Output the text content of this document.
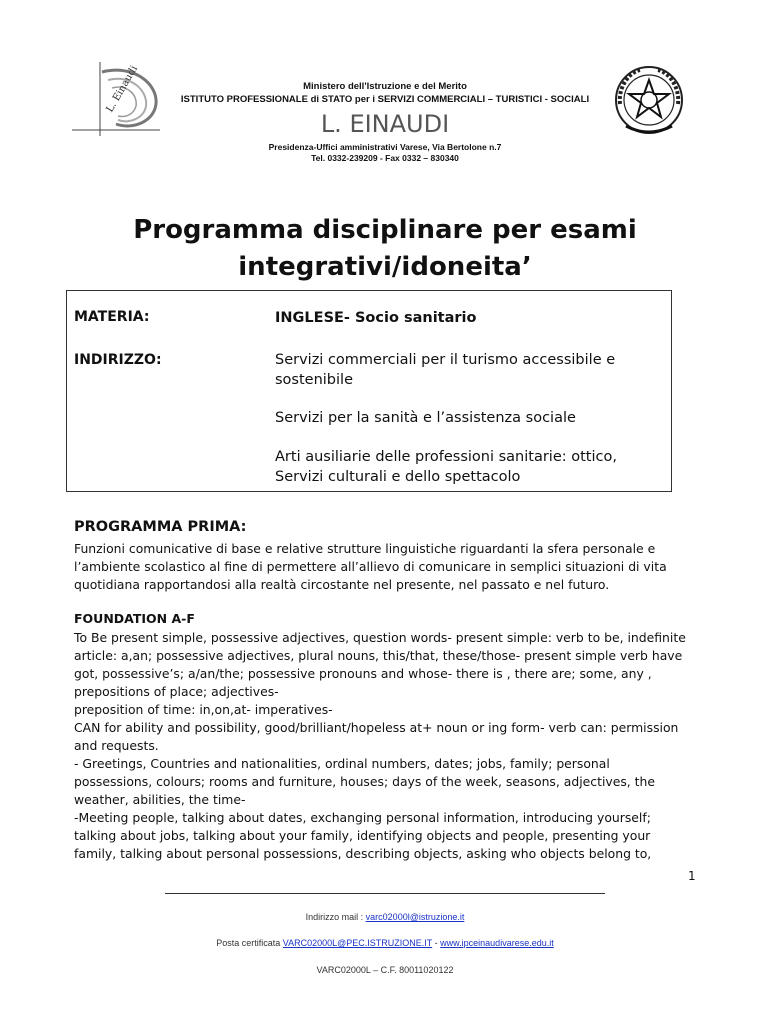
L. Einaudi	Ministero dell'Istruzione e del Merito
ISTITUTO PROFESSIONALE di STATO per i SERVIZI COMMERCIALI – TURISTICI - SOCIALI
L. EINAUDI
Presidenza-Uffici amministrativi Varese, Via Bertolone n.7
Tel. 0332-239209 - Fax 0332 – 830340
Programma disciplinare per esami
integrativi/idoneita’
MATERIA:	INGLESE- Socio sanitario
INDIRIZZO:	Servizi commerciali per il turismo accessibile e
sostenibile
Servizi per la sanità e l’assistenza sociale
Arti ausiliarie delle professioni sanitarie: ottico,
Servizi culturali e dello spettacolo
PROGRAMMA PRIMA:
Funzioni comunicative di base e relative strutture linguistiche riguardanti la sfera personale e
l’ambiente scolastico al fine di permettere all’allievo di comunicare in semplici situazioni di vita
quotidiana rapportandosi alla realtà circostante nel presente, nel passato e nel futuro.
FOUNDATION A-F
To Be present simple, possessive adjectives, question words- present simple: verb to be, indefinite
article: a,an; possessive adjectives, plural nouns, this/that, these/those- present simple verb have
got, possessive’s; a/an/the; possessive pronouns and whose- there is , there are; some, any ,
prepositions of place; adjectives-
preposition of time: in,on,at- imperatives-
CAN for ability and possibility, good/brilliant/hopeless at+ noun or ing form- verb can: permission
and requests.
- Greetings, Countries and nationalities, ordinal numbers, dates; jobs, family; personal
possessions, colours; rooms and furniture, houses; days of the week, seasons, adjectives, the
weather, abilities, the time-
-Meeting people, talking about dates, exchanging personal information, introducing yourself;
talking about jobs, talking about your family, identifying objects and people, presenting your
family, talking about personal possessions, describing objects, asking who objects belong to,
1
Indirizzo mail : varc02000l@istruzione.it
Posta certificata VARC02000L@PEC.ISTRUZIONE.IT - www.ipceinaudivarese.edu.it
VARC02000L – C.F. 80011020122
